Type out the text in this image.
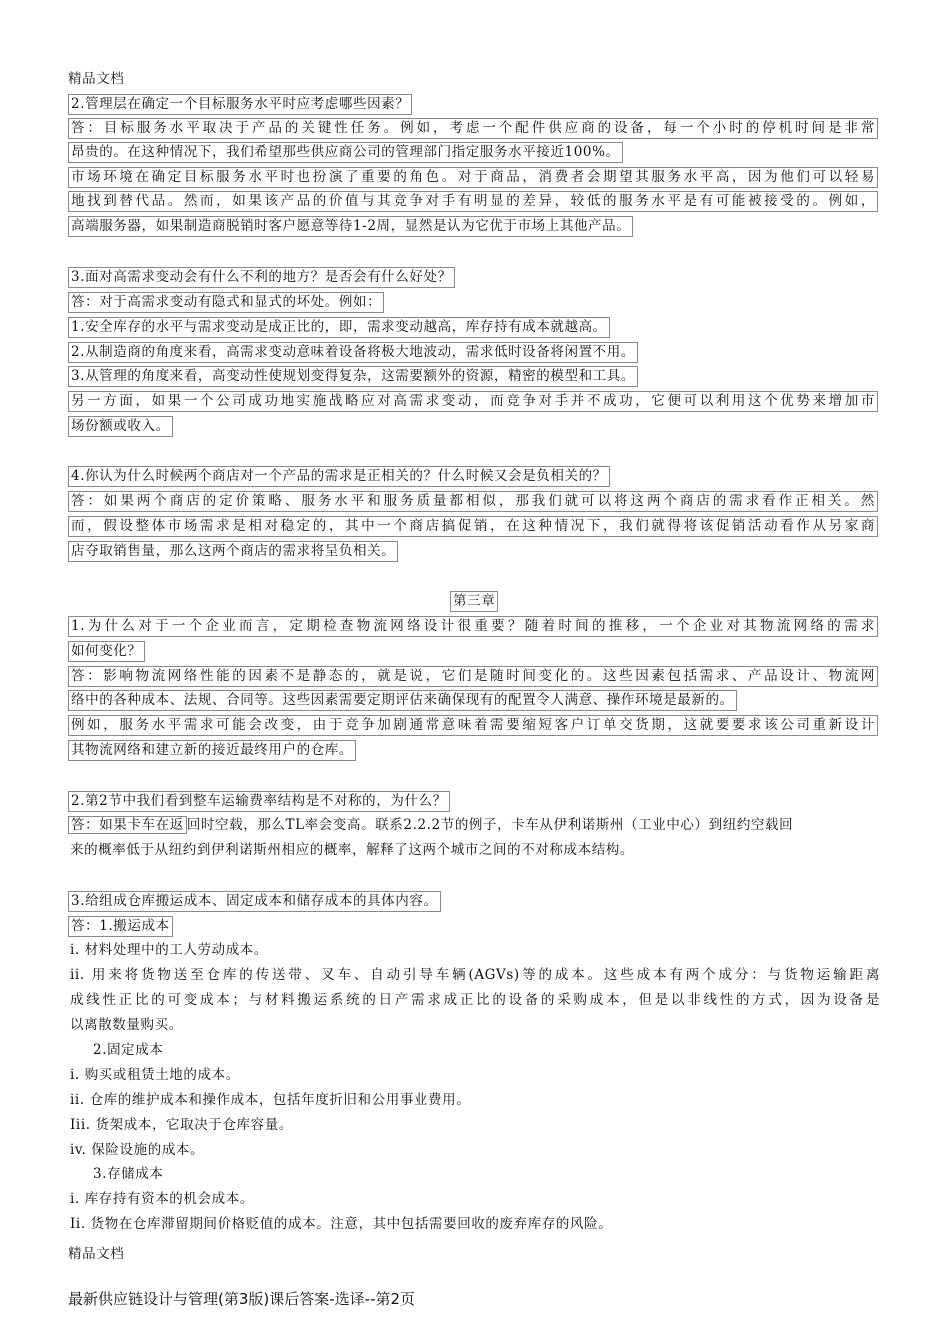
精品文档
2.管理层在确定一个目标服务水平时应考虑哪些因素？
答：目标服务水平取决于产品的关键性任务。例如，考虑一个配件供应商的设备，每一个小时的停机时间是非常
昂贵的。在这种情况下，我们希望那些供应商公司的管理部门指定服务水平接近100%。
市场环境在确定目标服务水平时也扮演了重要的角色。对于商品，消费者会期望其服务水平高，因为他们可以轻易
地找到替代品。然而，如果该产品的价值与其竞争对手有明显的差异，较低的服务水平是有可能被接受的。例如，
高端服务器，如果制造商脱销时客户愿意等待1-2周，显然是认为它优于市场上其他产品。
3.面对高需求变动会有什么不利的地方？是否会有什么好处？
答：对于高需求变动有隐式和显式的坏处。例如：
1.安全库存的水平与需求变动是成正比的，即，需求变动越高，库存持有成本就越高。
2.从制造商的角度来看，高需求变动意味着设备将极大地波动，需求低时设备将闲置不用。
3.从管理的角度来看，高变动性使规划变得复杂，这需要额外的资源，精密的模型和工具。
另一方面，如果一个公司成功地实施战略应对高需求变动，而竞争对手并不成功，它便可以利用这个优势来增加市
场份额或收入。
4.你认为什么时候两个商店对一个产品的需求是正相关的？什么时候又会是负相关的？
答：如果两个商店的定价策略、服务水平和服务质量都相似，那我们就可以将这两个商店的需求看作正相关。然
而，假设整体市场需求是相对稳定的，其中一个商店搞促销，在这种情况下，我们就得将该促销活动看作从另家商
店夺取销售量，那么这两个商店的需求将呈负相关。
第三章
1.为什么对于一个企业而言，定期检查物流网络设计很重要？随着时间的推移，一个企业对其物流网络的需求
如何变化？
答：影响物流网络性能的因素不是静态的，就是说，它们是随时间变化的。这些因素包括需求、产品设计、物流网
络中的各种成本、法规、合同等。这些因素需要定期评估来确保现有的配置令人满意、操作环境是最新的。
例如，服务水平需求可能会改变，由于竞争加剧通常意味着需要缩短客户订单交货期，这就要要求该公司重新设计
其物流网络和建立新的接近最终用户的仓库。
2.第2节中我们看到整车运输费率结构是不对称的，为什么？
答：如果卡车在返 回时空载，那么TL率会变高。联系2.2.2节的例子，卡车从伊利诺斯州（工业中心）到纽约空载回
来的概率低于从纽约到伊利诺斯州相应的概率，解释了这两个城市之间的不对称成本结构。
3.给组成仓库搬运成本、固定成本和储存成本的具体内容。
答：1.搬运成本
i. 材料处理中的工人劳动成本。
ii. 用来将货物送至仓库的传送带、叉车、自动引导车辆(AGVs)等的成本。这些成本有两个成分：与货物运输距离
成线性正比的可变成本；与材料搬运系统的日产需求成正比的设备的采购成本，但是以非线性的方式，因为设备是
以离散数量购买。
2.固定成本
i. 购买或租赁土地的成本。
ii. 仓库的维护成本和操作成本，包括年度折旧和公用事业费用。
Iii. 货架成本，它取决于仓库容量。
iv. 保险设施的成本。
3.存储成本
i. 库存持有资本的机会成本。
Ii. 货物在仓库滞留期间价格贬值的成本。注意，其中包括需要回收的废弃库存的风险。
精品文档
最新供应链设计与管理(第3版)课后答案-选译--第2页
